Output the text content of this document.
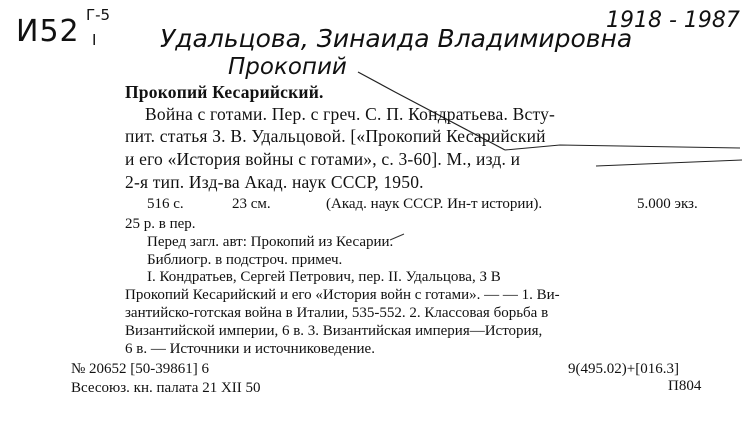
И52 Г-5
I	Удальцова, Зинаида Владимировна
Прокопий
1918 - 1987
Прокопий Кесарийский.
Война с готами. Пер. с греч. С. П. Кондратьева. Всту-
пит. статья З. В. Удальцовой. [«Прокопий Кесарийский
и его «История войны с готами», с. 3-60]. М., изд. и
2-я тип. Изд-ва Акад. наук СССР, 1950.
516 с.	23 см.	(Акад. наук СССР. Ин-т истории).	5.000 экз.
25 р. в пер.
Перед загл. авт: Прокопий из Кесарии.
Библиогр. в подстроч. примеч.
I. Кондратьев, Сергей Петрович, пер. II. Удальцова, З В
Прокопий Кесарийский и его «История войн с готами». — — 1. Ви-
зантийско-готская война в Италии, 535-552. 2. Классовая борьба в
Византийской империи, 6 в. 3. Византийская империя—История,
6 в. — Источники и источниковедение.
№ 20652 [50-39861] 6	9(495.02)+[016.3]
Всесоюз. кн. палата 21 XII 50	П804
